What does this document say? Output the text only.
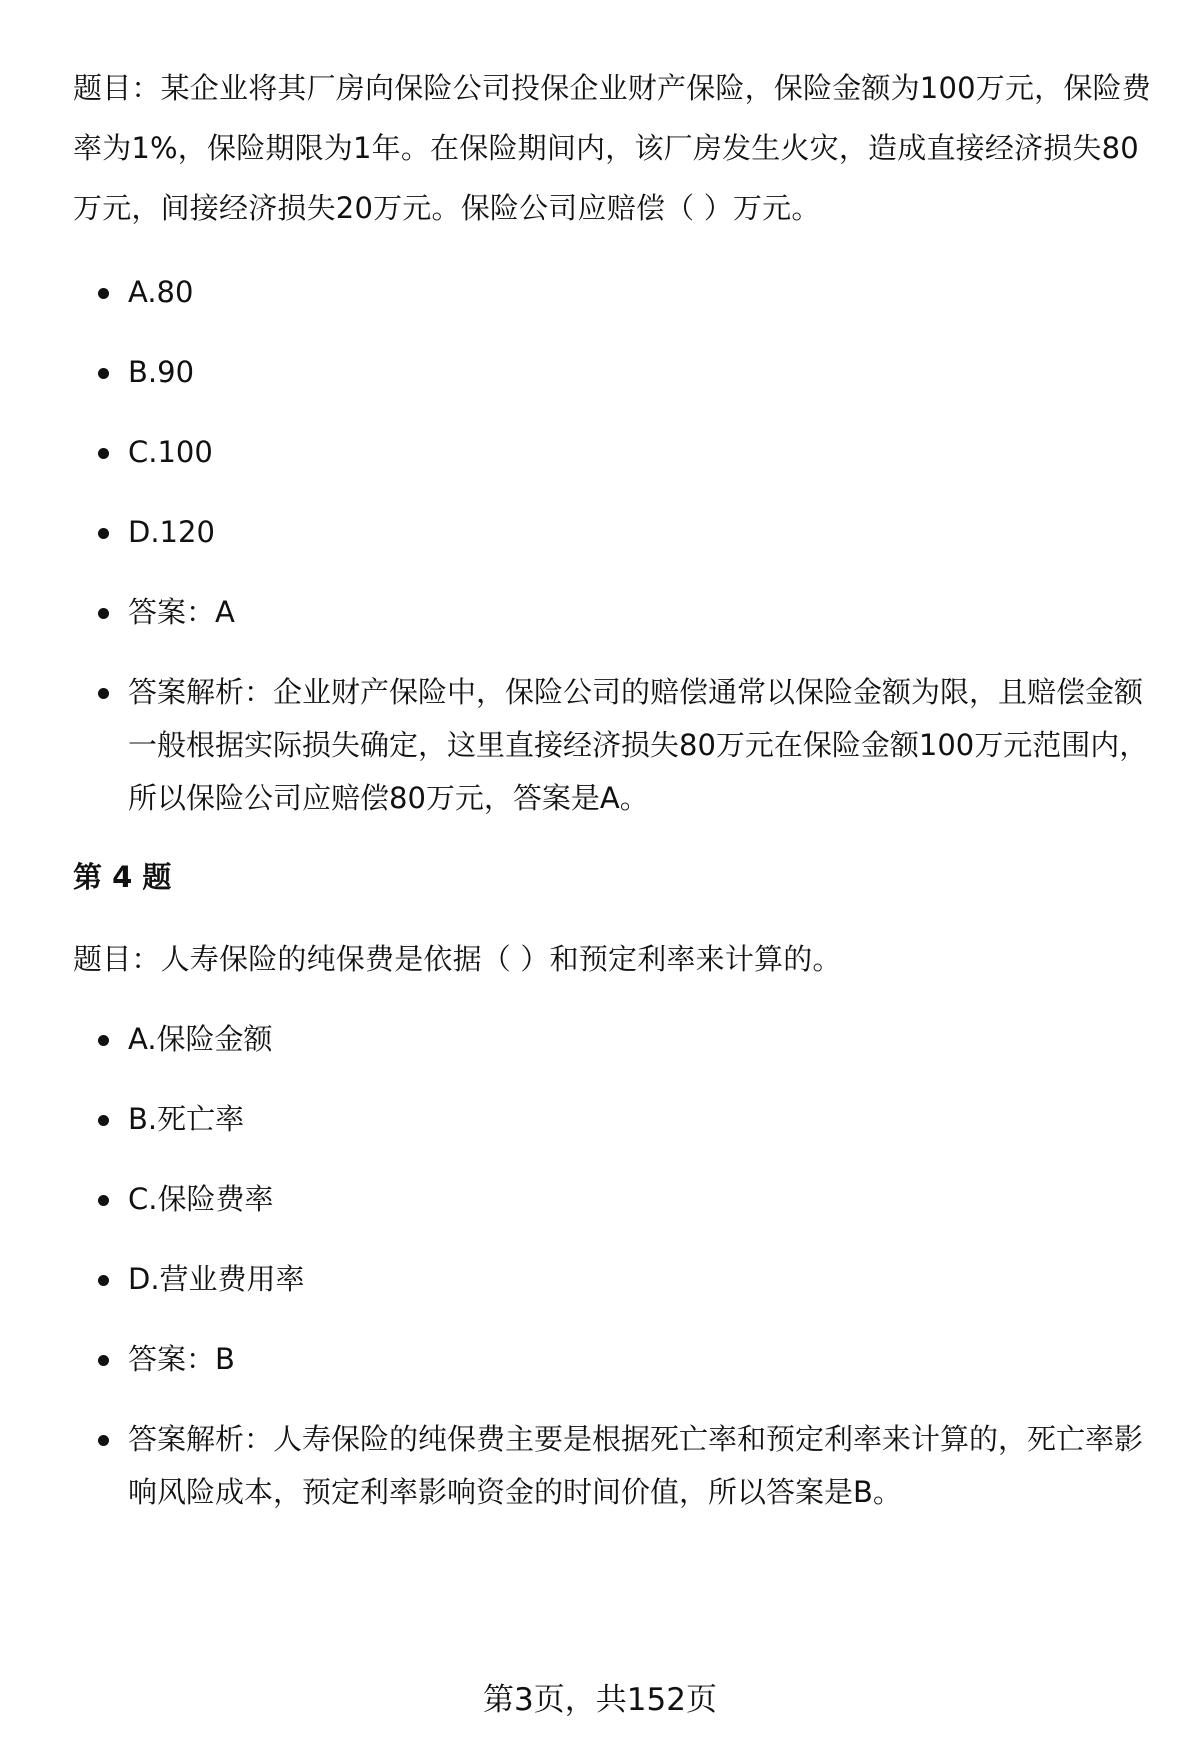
题目：某企业将其厂房向保险公司投保企业财产保险，保险金额为100万元，保险费率为1%，保险期限为1年。在保险期间内，该厂房发生火灾，造成直接经济损失80万元，间接经济损失20万元。保险公司应赔偿（ ）万元。

A.80
B.90
C.100
D.120
答案：A
答案解析：企业财产保险中，保险公司的赔偿通常以保险金额为限，且赔偿金额一般根据实际损失确定，这里直接经济损失80万元在保险金额100万元范围内，所以保险公司应赔偿80万元，答案是A。

第 4 题

题目：人寿保险的纯保费是依据（ ）和预定利率来计算的。

A.保险金额
B.死亡率
C.保险费率
D.营业费用率
答案：B
答案解析：人寿保险的纯保费主要是根据死亡率和预定利率来计算的，死亡率影响风险成本，预定利率影响资金的时间价值，所以答案是B。
第3页，共152页
